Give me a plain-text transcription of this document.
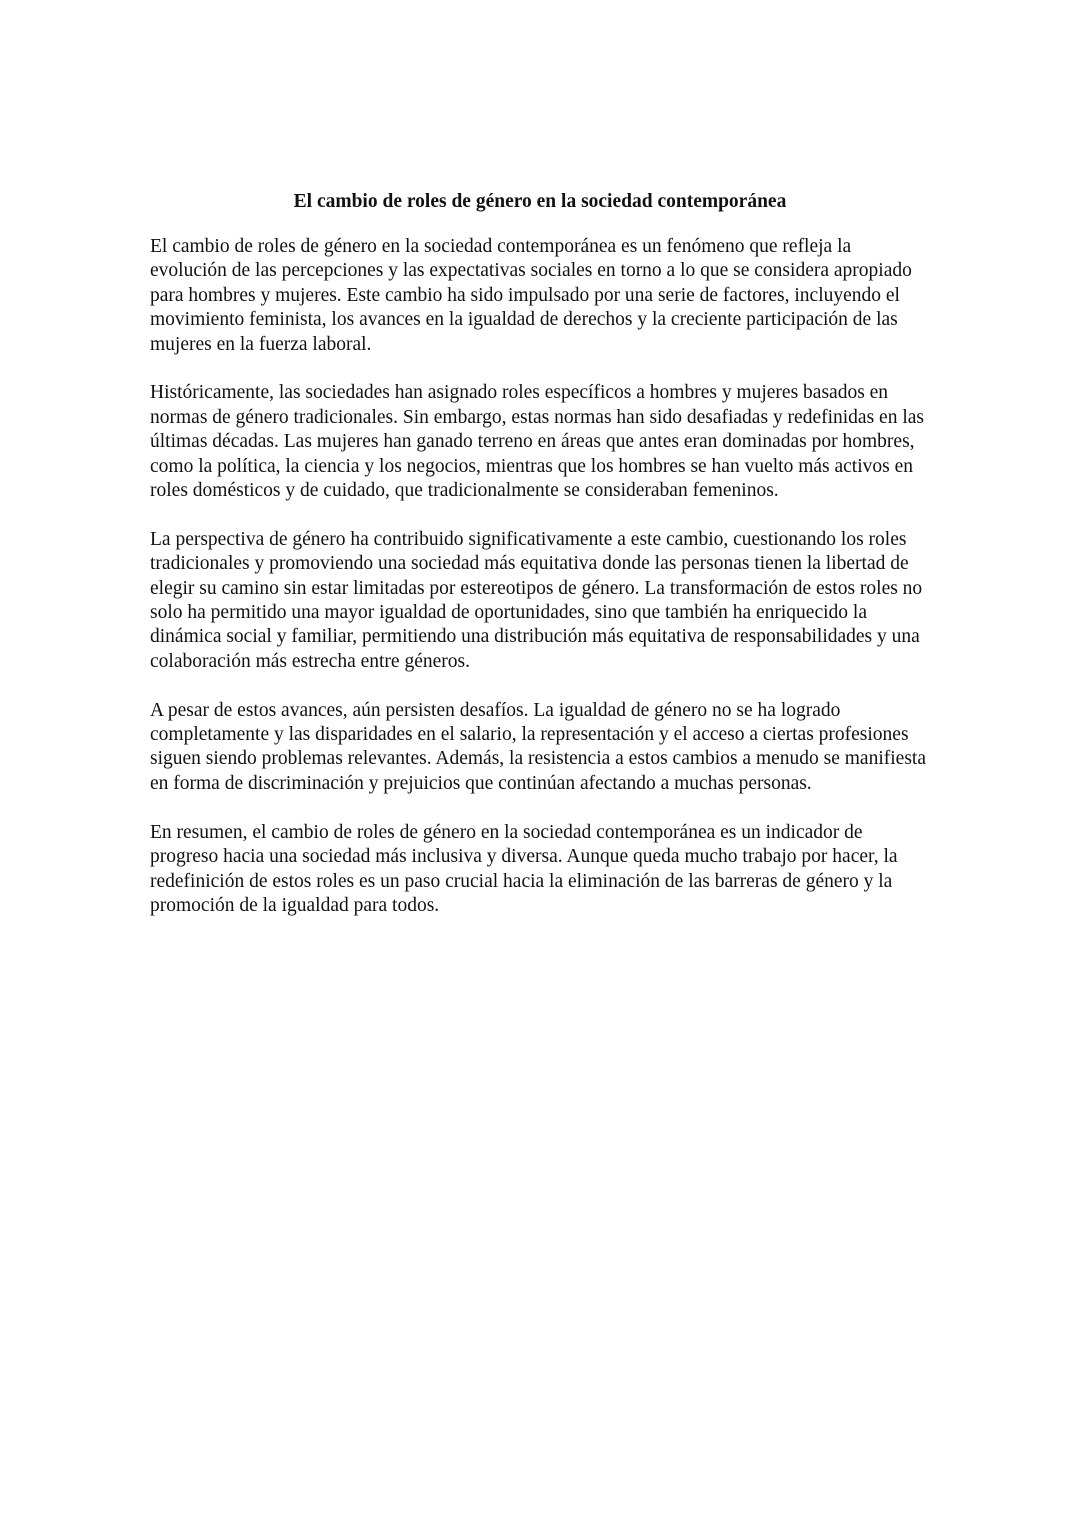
El cambio de roles de género en la sociedad contemporánea

El cambio de roles de género en la sociedad contemporánea es un fenómeno que refleja la evolución de las percepciones y las expectativas sociales en torno a lo que se considera apropiado para hombres y mujeres. Este cambio ha sido impulsado por una serie de factores, incluyendo el movimiento feminista, los avances en la igualdad de derechos y la creciente participación de las mujeres en la fuerza laboral.

Históricamente, las sociedades han asignado roles específicos a hombres y mujeres basados en normas de género tradicionales. Sin embargo, estas normas han sido desafiadas y redefinidas en las últimas décadas. Las mujeres han ganado terreno en áreas que antes eran dominadas por hombres, como la política, la ciencia y los negocios, mientras que los hombres se han vuelto más activos en roles domésticos y de cuidado, que tradicionalmente se consideraban femeninos.

La perspectiva de género ha contribuido significativamente a este cambio, cuestionando los roles tradicionales y promoviendo una sociedad más equitativa donde las personas tienen la libertad de elegir su camino sin estar limitadas por estereotipos de género. La transformación de estos roles no solo ha permitido una mayor igualdad de oportunidades, sino que también ha enriquecido la dinámica social y familiar, permitiendo una distribución más equitativa de responsabilidades y una colaboración más estrecha entre géneros.

A pesar de estos avances, aún persisten desafíos. La igualdad de género no se ha logrado completamente y las disparidades en el salario, la representación y el acceso a ciertas profesiones siguen siendo problemas relevantes. Además, la resistencia a estos cambios a menudo se manifiesta en forma de discriminación y prejuicios que continúan afectando a muchas personas.

En resumen, el cambio de roles de género en la sociedad contemporánea es un indicador de progreso hacia una sociedad más inclusiva y diversa. Aunque queda mucho trabajo por hacer, la redefinición de estos roles es un paso crucial hacia la eliminación de las barreras de género y la promoción de la igualdad para todos.
